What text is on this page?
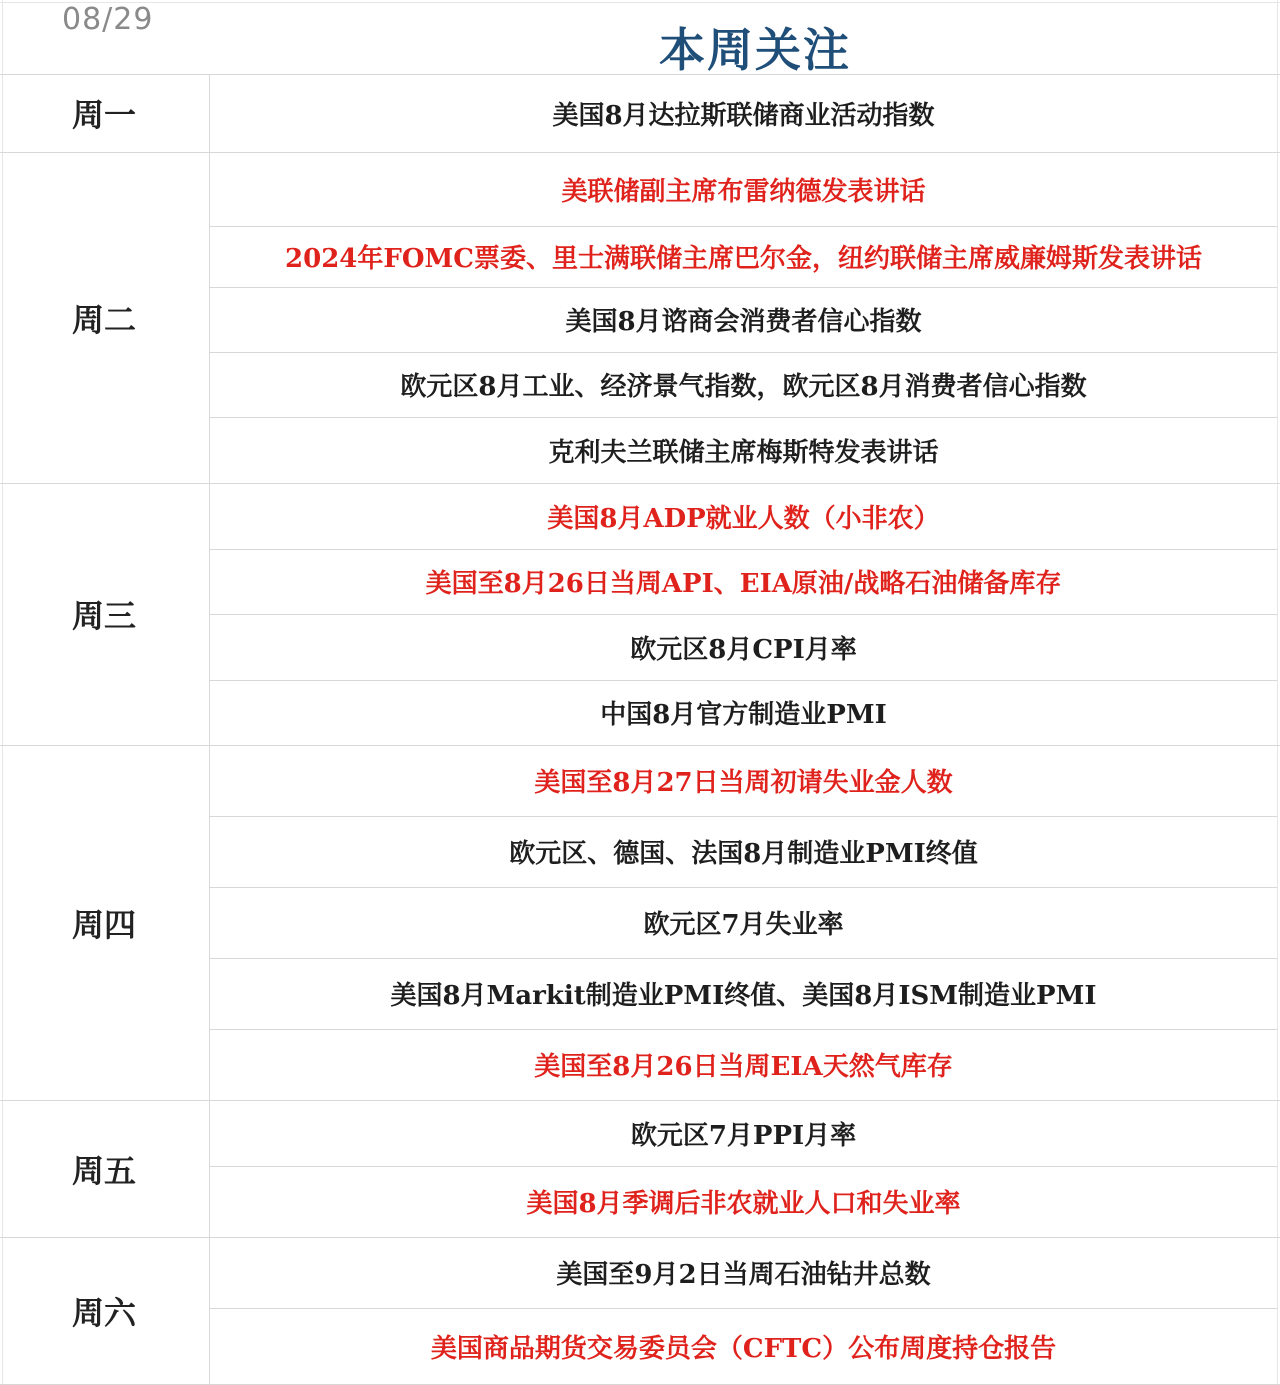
08/29
本周关注
周一	美国8月达拉斯联储商业活动指数
周二
美联储副主席布雷纳德发表讲话
2024年FOMC票委、里士满联储主席巴尔金，纽约联储主席威廉姆斯发表讲话
美国8月谘商会消费者信心指数
欧元区8月工业、经济景气指数，欧元区8月消费者信心指数
克利夫兰联储主席梅斯特发表讲话
周三
美国8月ADP就业人数（小非农）
美国至8月26日当周API、EIA原油/战略石油储备库存
欧元区8月CPI月率
中国8月官方制造业PMI
周四
美国至8月27日当周初请失业金人数
欧元区、德国、法国8月制造业PMI终值
欧元区7月失业率
美国8月Markit制造业PMI终值、美国8月ISM制造业PMI
美国至8月26日当周EIA天然气库存
周五
欧元区7月PPI月率
美国8月季调后非农就业人口和失业率
周六
美国至9月2日当周石油钻井总数
美国商品期货交易委员会（CFTC）公布周度持仓报告
